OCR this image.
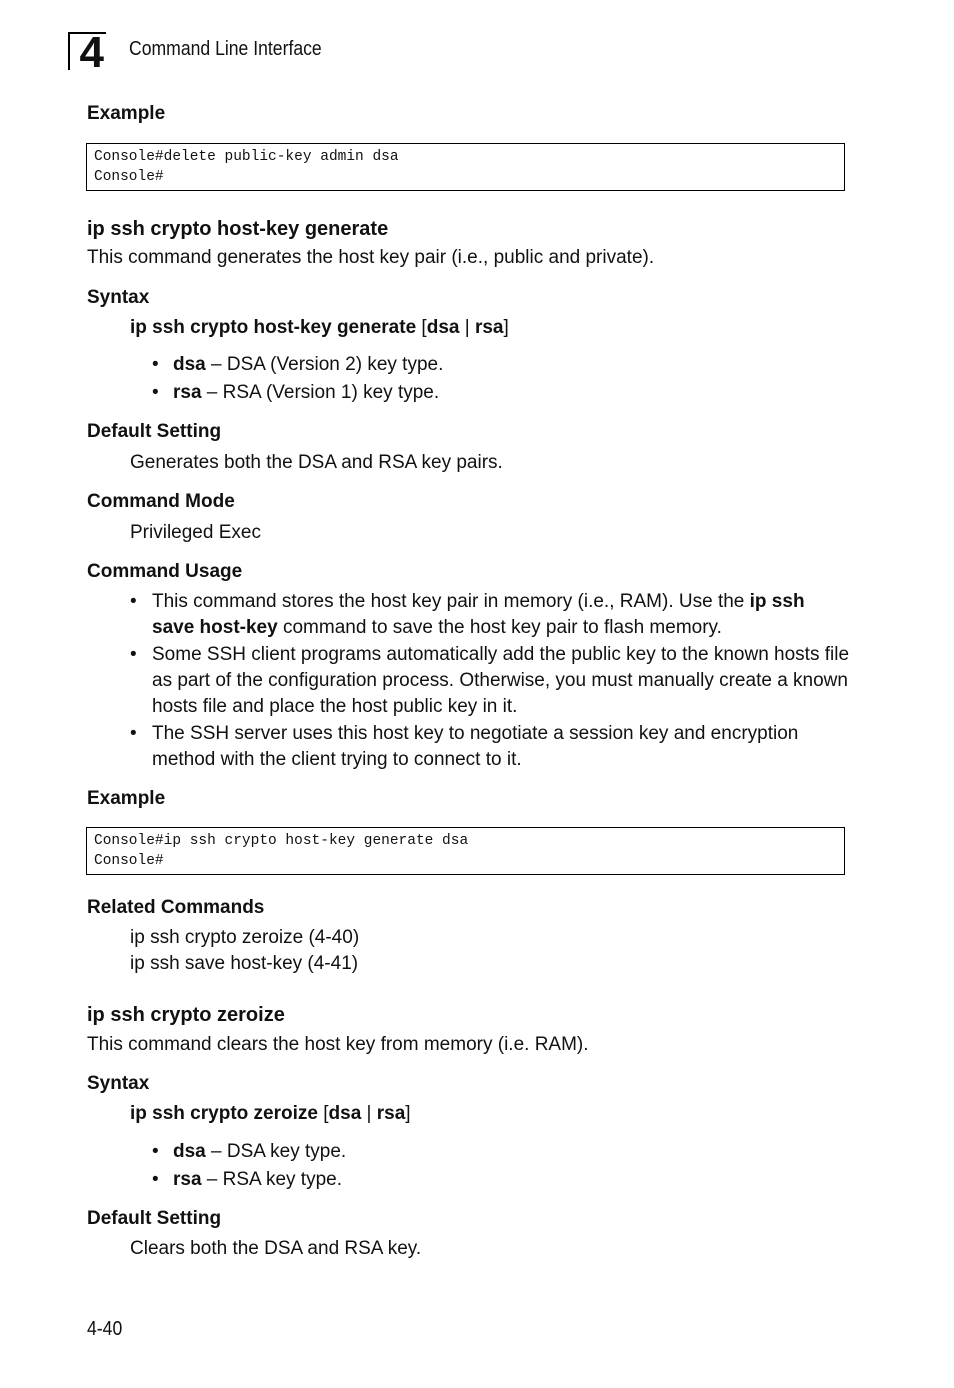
4 Command Line Interface
Example
Console#delete public-key admin dsa
Console#
ip ssh crypto host-key generate
This command generates the host key pair (i.e., public and private).
Syntax
ip ssh crypto host-key generate [dsa | rsa]
• dsa – DSA (Version 2) key type.
• rsa – RSA (Version 1) key type.
Default Setting
Generates both the DSA and RSA key pairs.
Command Mode
Privileged Exec
Command Usage
• This command stores the host key pair in memory (i.e., RAM). Use the ip ssh save host-key command to save the host key pair to flash memory.
• Some SSH client programs automatically add the public key to the known hosts file as part of the configuration process. Otherwise, you must manually create a known hosts file and place the host public key in it.
• The SSH server uses this host key to negotiate a session key and encryption method with the client trying to connect to it.
Example
Console#ip ssh crypto host-key generate dsa
Console#
Related Commands
ip ssh crypto zeroize (4-40)
ip ssh save host-key (4-41)
ip ssh crypto zeroize
This command clears the host key from memory (i.e. RAM).
Syntax
ip ssh crypto zeroize [dsa | rsa]
• dsa – DSA key type.
• rsa – RSA key type.
Default Setting
Clears both the DSA and RSA key.
4-40
